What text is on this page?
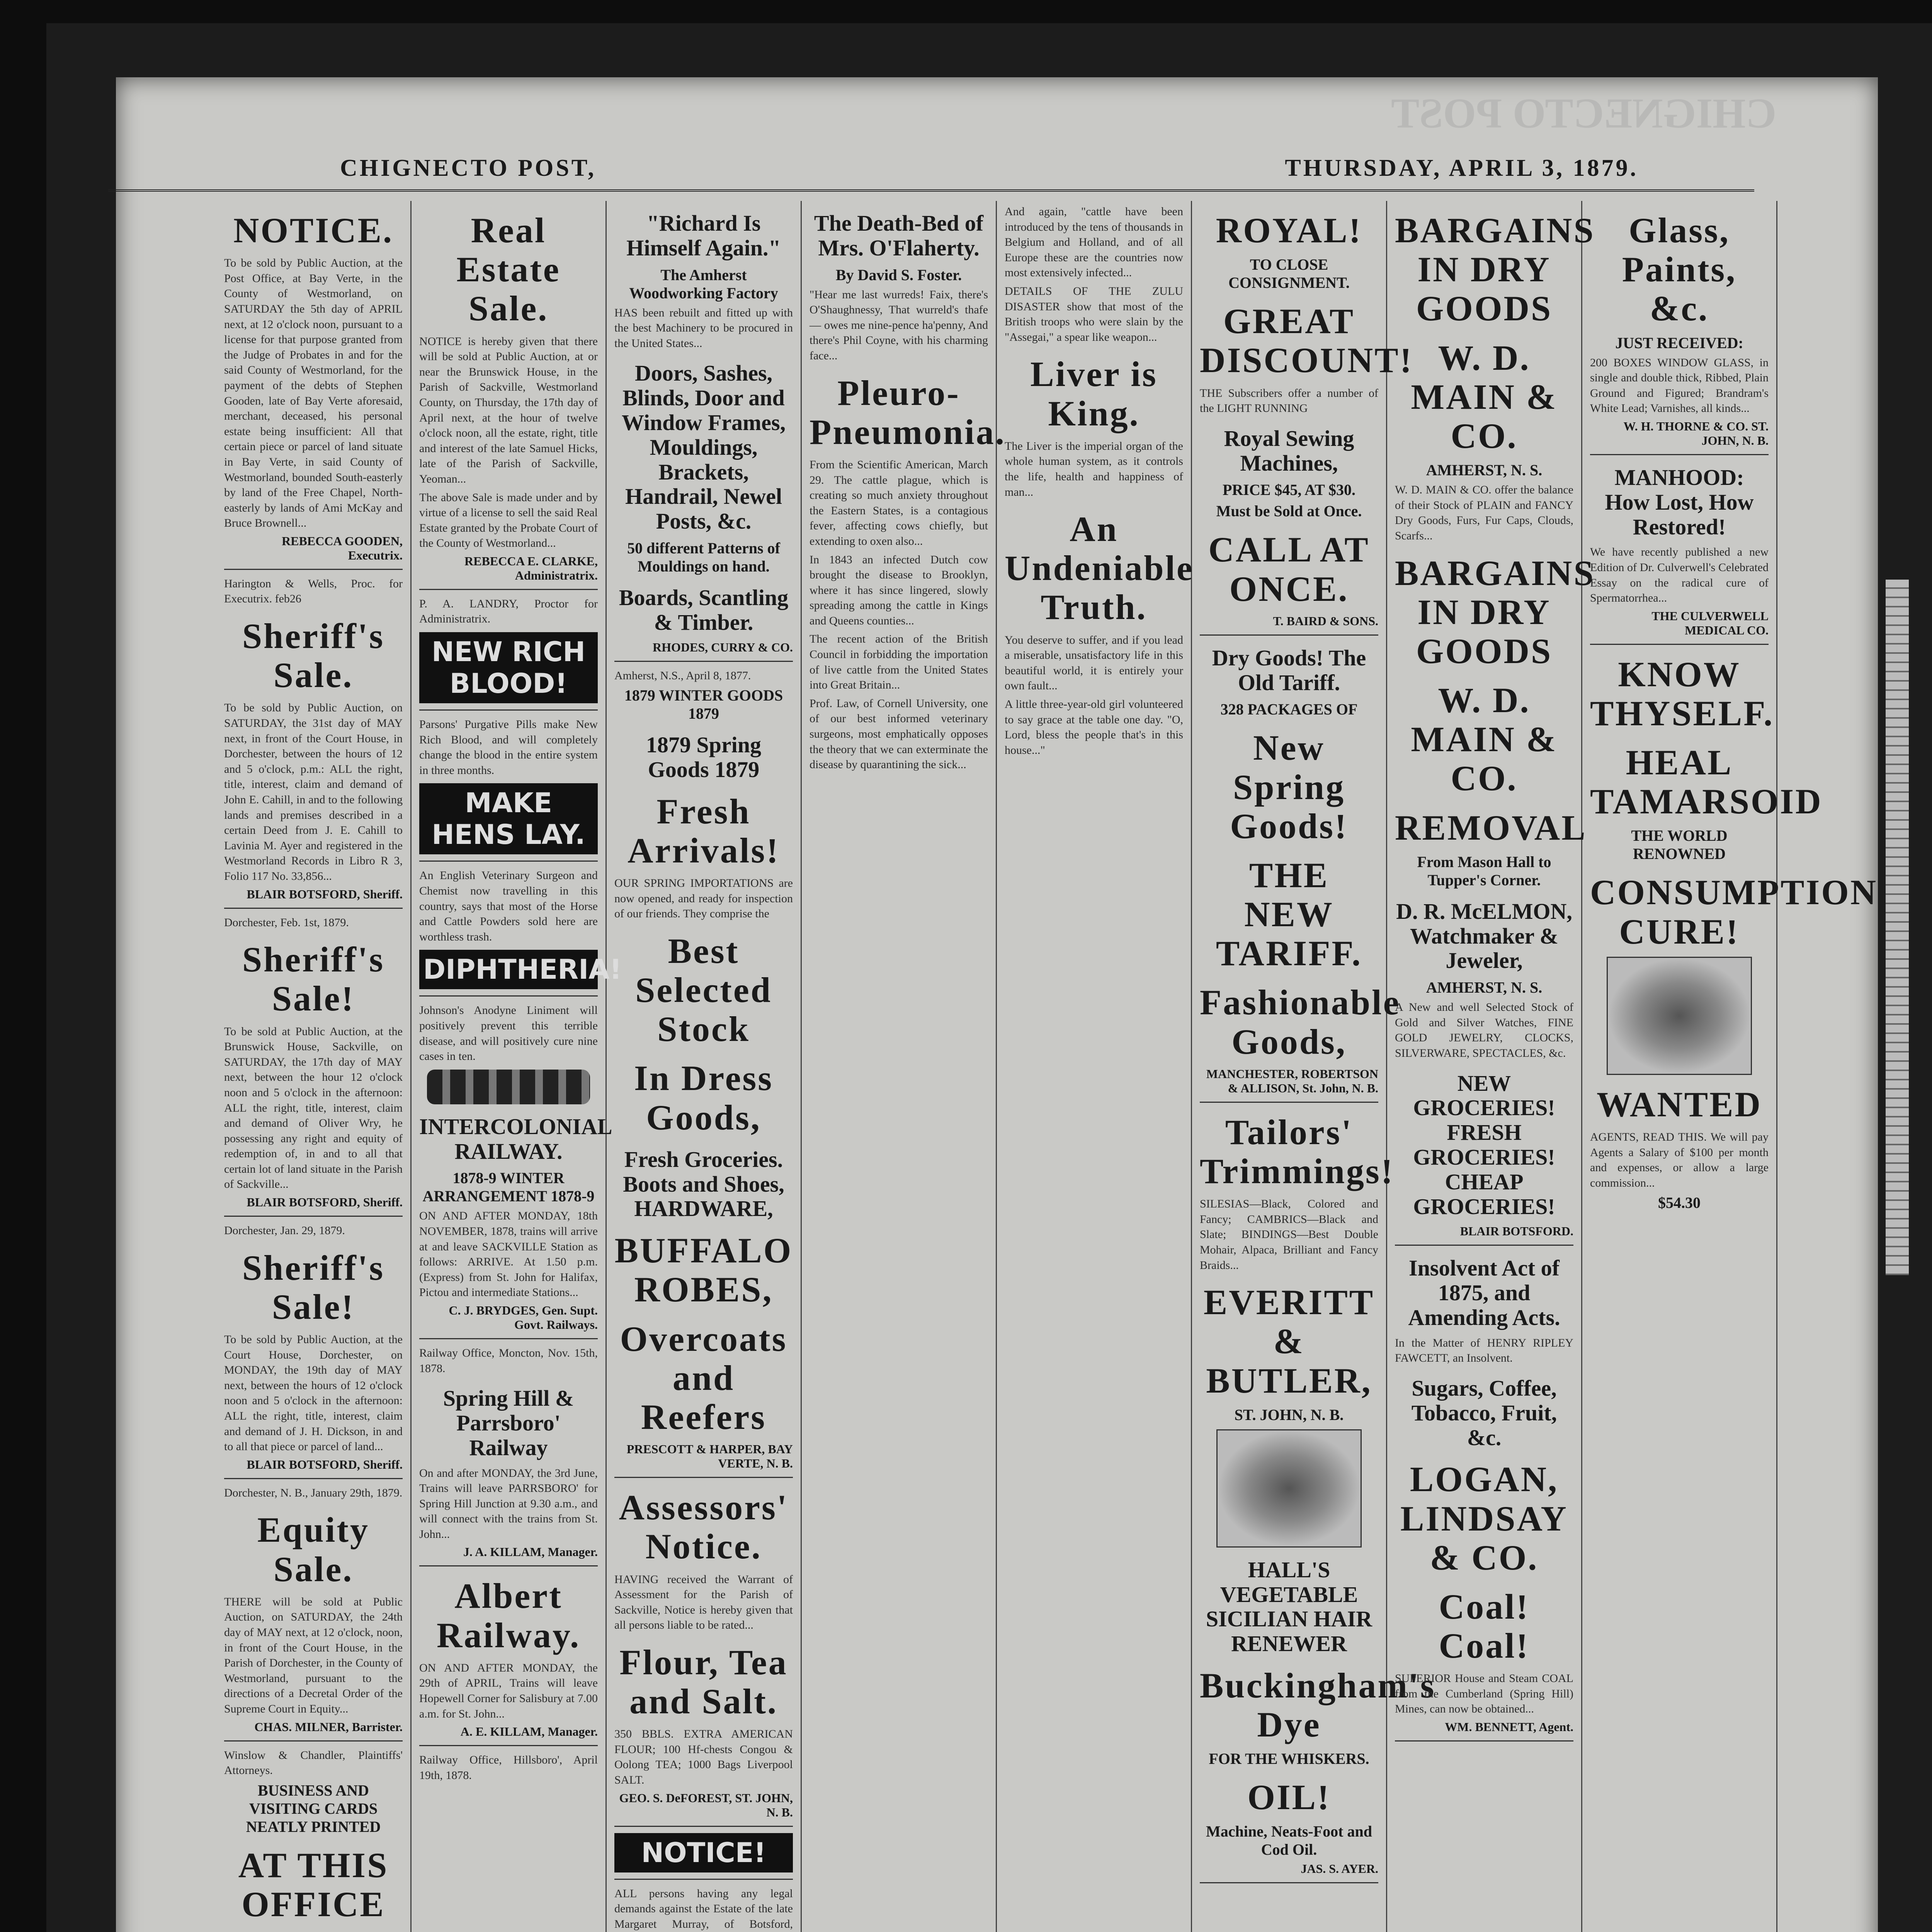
CHIGNECTO POST
CHIGNECTO POST,	THURSDAY, APRIL 3, 1879.
NOTICE.
To be sold by Public Auction, at the Post Office, at Bay Verte, in the County of Westmorland, on SATURDAY the 5th day of APRIL next, at 12 o'clock noon, pursuant to a license for that purpose granted from the Judge of Probates in and for the said County of Westmorland, for the payment of the debts of Stephen Gooden, late of Bay Verte aforesaid, merchant, deceased, his personal estate being insufficient: All that certain piece or parcel of land situate in Bay Verte, in said County of Westmorland, bounded South-easterly by land of the Free Chapel, North-easterly by lands of Ami McKay and Bruce Brownell...
REBECCA GOODEN, Executrix.
Harington & Wells, Proc. for Executrix. feb26
Sheriff's Sale.
To be sold by Public Auction, on SATURDAY, the 31st day of MAY next, in front of the Court House, in Dorchester, between the hours of 12 and 5 o'clock, p.m.: ALL the right, title, interest, claim and demand of John E. Cahill, in and to the following lands and premises described in a certain Deed from J. E. Cahill to Lavinia M. Ayer and registered in the Westmorland Records in Libro R 3, Folio 117 No. 33,856...
BLAIR BOTSFORD, Sheriff.
Dorchester, Feb. 1st, 1879.
Sheriff's Sale!
To be sold at Public Auction, at the Brunswick House, Sackville, on SATURDAY, the 17th day of MAY next, between the hour 12 o'clock noon and 5 o'clock in the afternoon: ALL the right, title, interest, claim and demand of Oliver Wry, he possessing any right and equity of redemption of, in and to all that certain lot of land situate in the Parish of Sackville...
BLAIR BOTSFORD, Sheriff.
Dorchester, Jan. 29, 1879.
Sheriff's Sale!
To be sold by Public Auction, at the Court House, Dorchester, on MONDAY, the 19th day of MAY next, between the hours of 12 o'clock noon and 5 o'clock in the afternoon: ALL the right, title, interest, claim and demand of J. H. Dickson, in and to all that piece or parcel of land...
BLAIR BOTSFORD, Sheriff.
Dorchester, N. B., January 29th, 1879.
Equity Sale.
THERE will be sold at Public Auction, on SATURDAY, the 24th day of MAY next, at 12 o'clock, noon, in front of the Court House, in the Parish of Dorchester, in the County of Westmorland, pursuant to the directions of a Decretal Order of the Supreme Court in Equity...
CHAS. MILNER, Barrister.
Winslow & Chandler, Plaintiffs' Attorneys.
BUSINESS AND VISITING CARDS NEATLY PRINTED
AT THIS OFFICE
Real Estate Sale.
NOTICE is hereby given that there will be sold at Public Auction, at or near the Brunswick House, in the Parish of Sackville, Westmorland County, on Thursday, the 17th day of April next, at the hour of twelve o'clock noon, all the estate, right, title and interest of the late Samuel Hicks, late of the Parish of Sackville, Yeoman...
The above Sale is made under and by virtue of a license to sell the said Real Estate granted by the Probate Court of the County of Westmorland...
REBECCA E. CLARKE, Administratrix.
P. A. LANDRY, Proctor for Administratrix.
NEW RICH BLOOD!
Parsons' Purgative Pills make New Rich Blood, and will completely change the blood in the entire system in three months.
MAKE HENS LAY.
An English Veterinary Surgeon and Chemist now travelling in this country, says that most of the Horse and Cattle Powders sold here are worthless trash.
DIPHTHERIA!
Johnson's Anodyne Liniment will positively prevent this terrible disease, and will positively cure nine cases in ten.
INTERCOLONIAL RAILWAY.
1878-9 WINTER ARRANGEMENT 1878-9
ON AND AFTER MONDAY, 18th NOVEMBER, 1878, trains will arrive at and leave SACKVILLE Station as follows: ARRIVE. At 1.50 p.m. (Express) from St. John for Halifax, Pictou and intermediate Stations...
C. J. BRYDGES, Gen. Supt. Govt. Railways.
Railway Office, Moncton, Nov. 15th, 1878.
Spring Hill & Parrsboro' Railway
On and after MONDAY, the 3rd June, Trains will leave PARRSBORO' for Spring Hill Junction at 9.30 a.m., and will connect with the trains from St. John...
J. A. KILLAM, Manager.
Albert Railway.
ON AND AFTER MONDAY, the 29th of APRIL, Trains will leave Hopewell Corner for Salisbury at 7.00 a.m. for St. John...
A. E. KILLAM, Manager.
Railway Office, Hillsboro', April 19th, 1878.
"Richard Is Himself Again."
The Amherst Woodworking Factory
HAS been rebuilt and fitted up with the best Machinery to be procured in the United States...
Doors, Sashes, Blinds, Door and Window Frames, Mouldings, Brackets, Handrail, Newel Posts, &c.
50 different Patterns of Mouldings on hand.
Boards, Scantling & Timber.
RHODES, CURRY & CO.
Amherst, N.S., April 8, 1877.
1879 WINTER GOODS 1879
1879 Spring Goods 1879
Fresh Arrivals!
OUR SPRING IMPORTATIONS are now opened, and ready for inspection of our friends. They comprise the
Best Selected Stock
In Dress Goods,
Fresh Groceries. Boots and Shoes, HARDWARE,
BUFFALO ROBES,
Overcoats and Reefers
PRESCOTT & HARPER, BAY VERTE, N. B.
Assessors' Notice.
HAVING received the Warrant of Assessment for the Parish of Sackville, Notice is hereby given that all persons liable to be rated...
Flour, Tea and Salt.
350 BBLS. EXTRA AMERICAN FLOUR; 100 Hf-chests Congou & Oolong TEA; 1000 Bags Liverpool SALT.
GEO. S. DeFOREST, ST. JOHN, N. B.
NOTICE!
ALL persons having any legal demands against the Estate of the late Margaret Murray, of Botsford,
The Death-Bed of Mrs. O'Flaherty.
By David S. Foster.
"Hear me last wurreds! Faix, there's O'Shaughnessy, That wurreld's thafe — owes me nine-pence ha'penny, And there's Phil Coyne, with his charming face...
Pleuro-Pneumonia.
From the Scientific American, March 29. The cattle plague, which is creating so much anxiety throughout the Eastern States, is a contagious fever, affecting cows chiefly, but extending to oxen also...
In 1843 an infected Dutch cow brought the disease to Brooklyn, where it has since lingered, slowly spreading among the cattle in Kings and Queens counties...
The recent action of the British Council in forbidding the importation of live cattle from the United States into Great Britain...
Prof. Law, of Cornell University, one of our best informed veterinary surgeons, most emphatically opposes the theory that we can exterminate the disease by quarantining the sick...
And again, "cattle have been introduced by the tens of thousands in Belgium and Holland, and of all Europe these are the countries now most extensively infected...
DETAILS OF THE ZULU DISASTER show that most of the British troops who were slain by the "Assegai," a spear like weapon...
Liver is King.
The Liver is the imperial organ of the whole human system, as it controls the life, health and happiness of man...
An Undeniable Truth.
You deserve to suffer, and if you lead a miserable, unsatisfactory life in this beautiful world, it is entirely your own fault...
A little three-year-old girl volunteered to say grace at the table one day. "O, Lord, bless the people that's in this house..."
ROYAL!
TO CLOSE CONSIGNMENT.
GREAT DISCOUNT!
THE Subscribers offer a number of the LIGHT RUNNING
Royal Sewing Machines,
PRICE $45, AT $30.
Must be Sold at Once.
CALL AT ONCE.
T. BAIRD & SONS.
Dry Goods! The Old Tariff.
328 PACKAGES OF
New Spring Goods!
THE NEW TARIFF.
Fashionable Goods,
MANCHESTER, ROBERTSON & ALLISON, St. John, N. B.
Tailors' Trimmings!
SILESIAS—Black, Colored and Fancy; CAMBRICS—Black and Slate; BINDINGS—Best Double Mohair, Alpaca, Brilliant and Fancy Braids...
EVERITT & BUTLER,
ST. JOHN, N. B.
HALL'S VEGETABLE SICILIAN HAIR RENEWER
Buckingham's Dye
FOR THE WHISKERS.
OIL!
Machine, Neats-Foot and Cod Oil.
JAS. S. AYER.
BARGAINS IN DRY GOODS
W. D. MAIN & CO.
AMHERST, N. S.
W. D. MAIN & CO. offer the balance of their Stock of PLAIN and FANCY Dry Goods, Furs, Fur Caps, Clouds, Scarfs...
BARGAINS IN DRY GOODS
W. D. MAIN & CO.
REMOVAL
From Mason Hall to Tupper's Corner.
D. R. McELMON, Watchmaker & Jeweler,
AMHERST, N. S.
A New and well Selected Stock of Gold and Silver Watches, FINE GOLD JEWELRY, CLOCKS, SILVERWARE, SPECTACLES, &c.
NEW GROCERIES! FRESH GROCERIES! CHEAP GROCERIES!
BLAIR BOTSFORD.
Insolvent Act of 1875, and Amending Acts.
In the Matter of HENRY RIPLEY FAWCETT, an Insolvent.
Sugars, Coffee, Tobacco, Fruit, &c.
LOGAN, LINDSAY & CO.
Coal! Coal!
SUPERIOR House and Steam COAL from the Cumberland (Spring Hill) Mines, can now be obtained...
WM. BENNETT, Agent.
Glass, Paints, &c.
JUST RECEIVED:
200 BOXES WINDOW GLASS, in single and double thick, Ribbed, Plain Ground and Figured; Brandram's White Lead; Varnishes, all kinds...
W. H. THORNE & CO. ST. JOHN, N. B.
MANHOOD: How Lost, How Restored!
We have recently published a new Edition of Dr. Culverwell's Celebrated Essay on the radical cure of Spermatorrhea...
THE CULVERWELL MEDICAL CO.
KNOW THYSELF.
HEAL TAMARSOID
THE WORLD RENOWNED
CONSUMPTION CURE!
WANTED
AGENTS, READ THIS. We will pay Agents a Salary of $100 per month and expenses, or allow a large commission...
$54.30
